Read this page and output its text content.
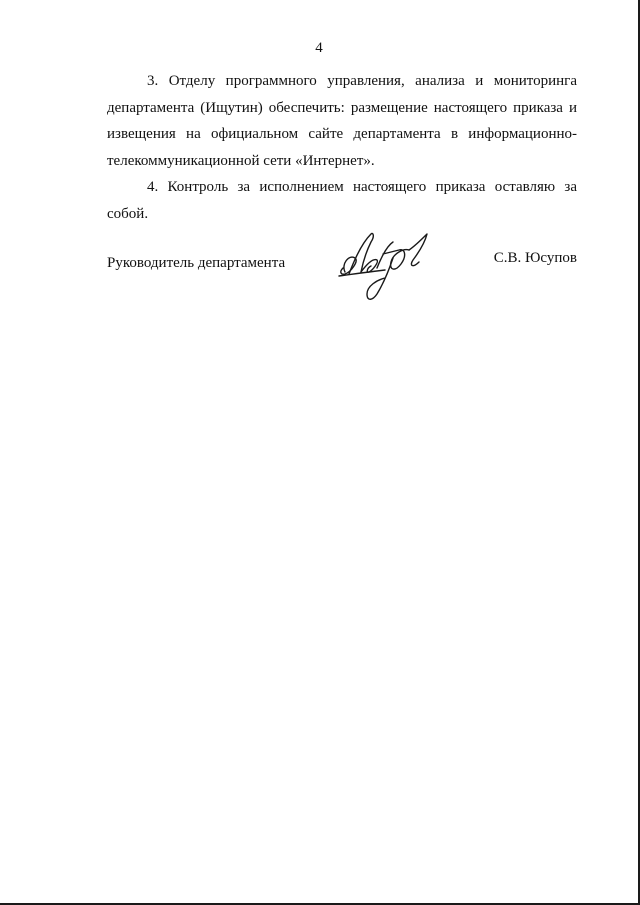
4

3. Отделу программного управления, анализа и мониторинга департамента (Ищутин) обеспечить: размещение настоящего приказа и извещения на официальном сайте департамента в информационно-телекоммуникационной сети «Интернет».

4. Контроль за исполнением настоящего приказа оставляю за собой.

Руководитель департамента	С.В. Юсупов
